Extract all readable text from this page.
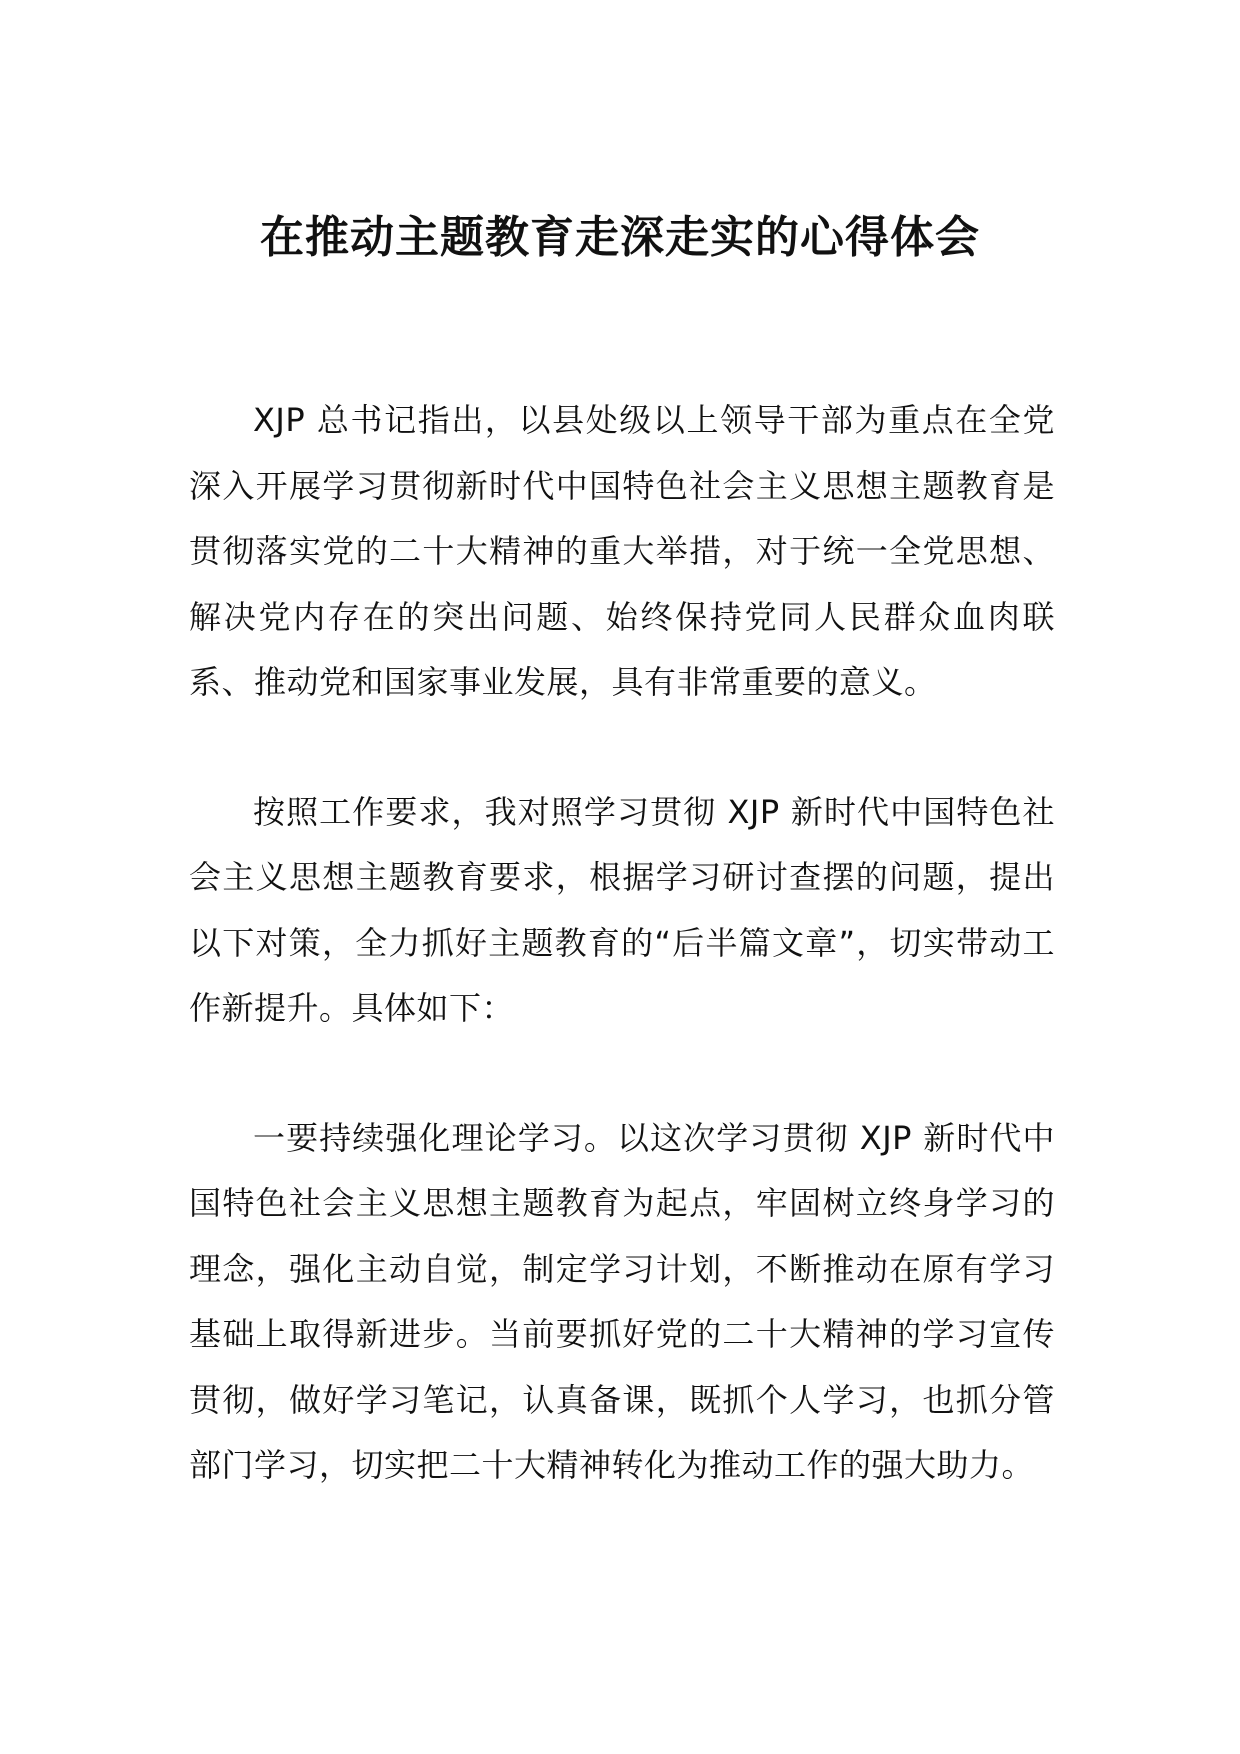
在推动主题教育走深走实的心得体会

XJP 总书记指出，以县处级以上领导干部为重点在全党深入开展学习贯彻新时代中国特色社会主义思想主题教育是贯彻落实党的二十大精神的重大举措，对于统一全党思想、解决党内存在的突出问题、始终保持党同人民群众血肉联系、推动党和国家事业发展，具有非常重要的意义。

按照工作要求，我对照学习贯彻 XJP 新时代中国特色社会主义思想主题教育要求，根据学习研讨查摆的问题，提出以下对策，全力抓好主题教育的“后半篇文章”，切实带动工作新提升。具体如下：

一要持续强化理论学习。以这次学习贯彻 XJP 新时代中国特色社会主义思想主题教育为起点，牢固树立终身学习的理念，强化主动自觉，制定学习计划，不断推动在原有学习基础上取得新进步。当前要抓好党的二十大精神的学习宣传贯彻，做好学习笔记，认真备课，既抓个人学习，也抓分管部门学习，切实把二十大精神转化为推动工作的强大助力。
